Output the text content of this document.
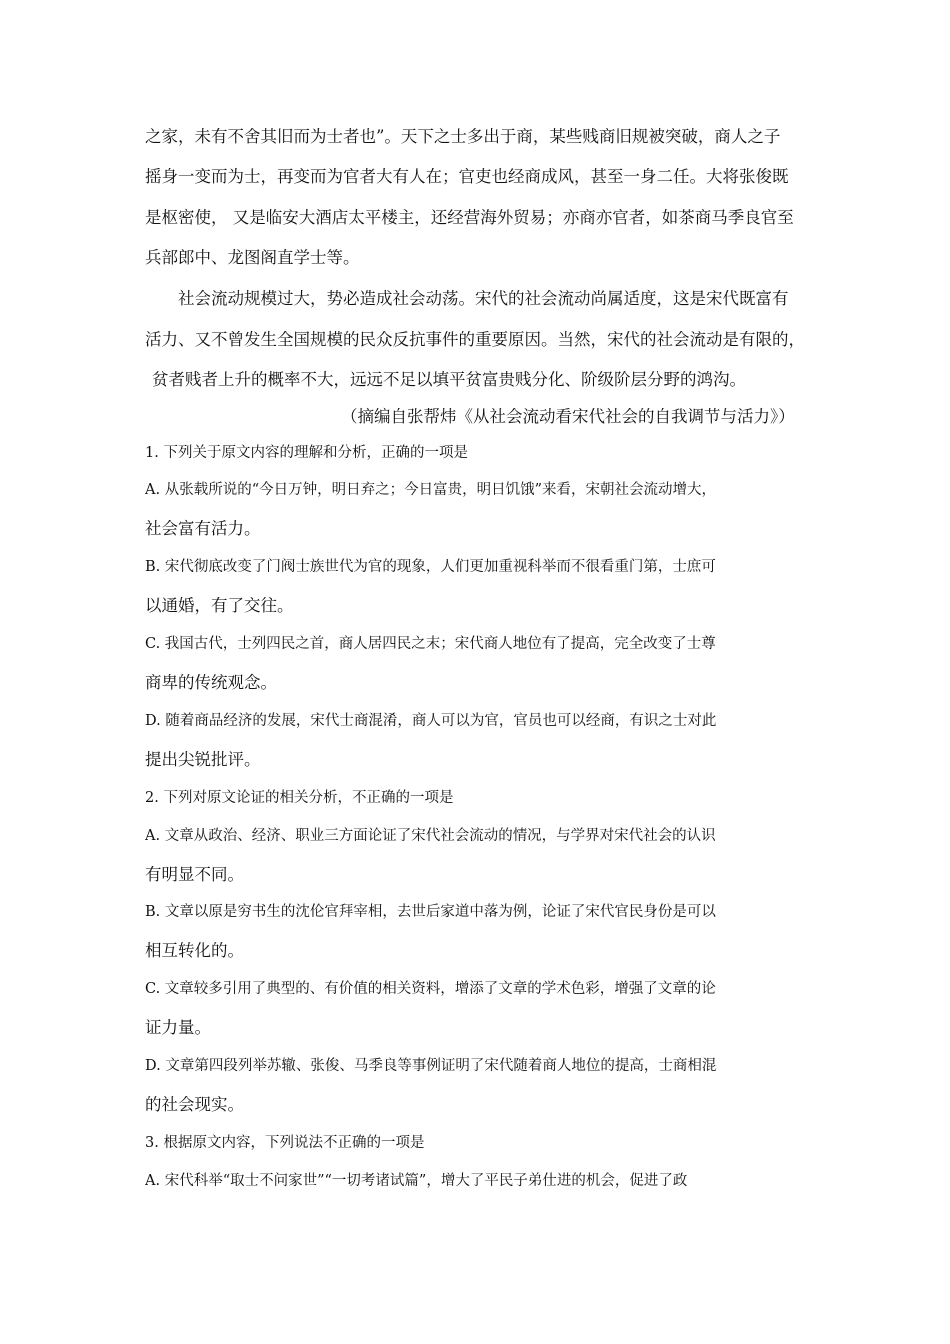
之家，未有不舍其旧而为士者也”。天下之士多出于商，某些贱商旧规被突破，商人之子
摇身一变而为士，再变而为官者大有人在；官吏也经商成风，甚至一身二任。大将张俊既
是枢密使， 又是临安大酒店太平楼主，还经营海外贸易；亦商亦官者，如茶商马季良官至
兵部郎中、龙图阁直学士等。
社会流动规模过大，势必造成社会动荡。宋代的社会流动尚属适度，这是宋代既富有
活力、又不曾发生全国规模的民众反抗事件的重要原因。当然，宋代的社会流动是有限的，
贫者贱者上升的概率不大，远远不足以填平贫富贵贱分化、阶级阶层分野的鸿沟。
（摘编自张帮炜《从社会流动看宋代社会的自我调节与活力》）
1. 下列关于原文内容的理解和分析，正确的一项是
A. 从张载所说的“今日万钟，明日弃之；今日富贵，明日饥饿”来看，宋朝社会流动增大，
社会富有活力。
B. 宋代彻底改变了门阀士族世代为官的现象，人们更加重视科举而不很看重门第，士庶可
以通婚，有了交往。
C. 我国古代，士列四民之首，商人居四民之末；宋代商人地位有了提高，完全改变了士尊
商卑的传统观念。
D. 随着商品经济的发展，宋代士商混淆，商人可以为官，官员也可以经商，有识之士对此
提出尖锐批评。
2. 下列对原文论证的相关分析，不正确的一项是
A. 文章从政治、经济、职业三方面论证了宋代社会流动的情况，与学界对宋代社会的认识
有明显不同。
B. 文章以原是穷书生的沈伦官拜宰相，去世后家道中落为例，论证了宋代官民身份是可以
相互转化的。
C. 文章较多引用了典型的、有价值的相关资料，增添了文章的学术色彩，增强了文章的论
证力量。
D. 文章第四段列举苏辙、张俊、马季良等事例证明了宋代随着商人地位的提高，士商相混
的社会现实。
3. 根据原文内容，下列说法不正确的一项是
A. 宋代科举“取士不问家世”“一切考诸试篇”，增大了平民子弟仕进的机会，促进了政
